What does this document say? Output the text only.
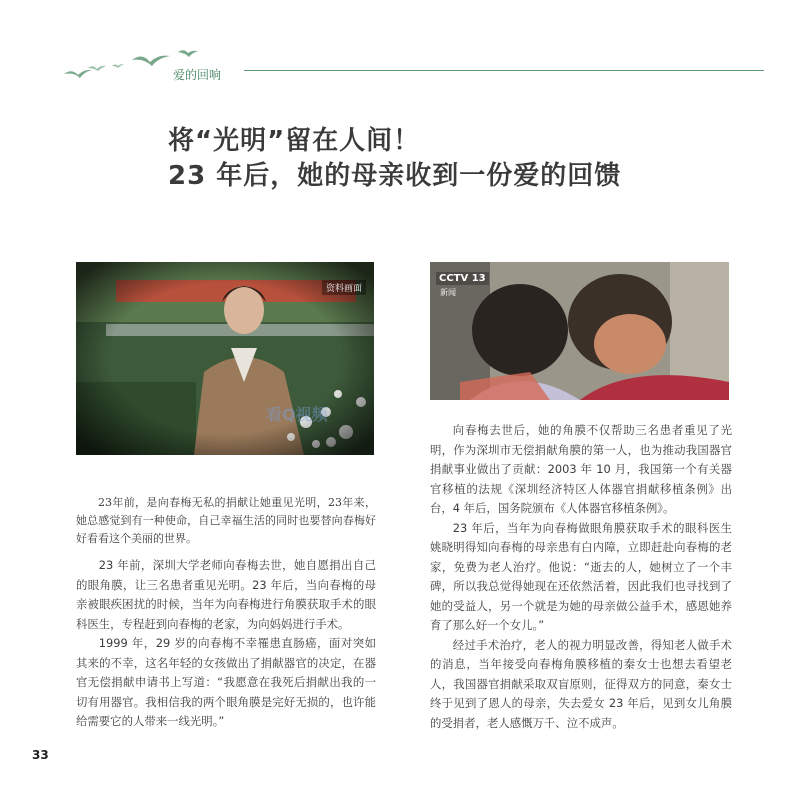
爱的回响
将“光明”留在人间！
23 年后，她的母亲收到一份爱的回馈
资料画面
看Q视频
CCTV 13
新闻

23年前，是向春梅无私的捐献让她重见光明，23年来，她总感觉到有一种使命，自己幸福生活的同时也要替向春梅好好看看这个美丽的世界。

23 年前，深圳大学老师向春梅去世，她自愿捐出自己的眼角膜，让三名患者重见光明。23 年后，当向春梅的母亲被眼疾困扰的时候，当年为向春梅进行角膜获取手术的眼科医生，专程赶到向春梅的老家，为向妈妈进行手术。

1999 年，29 岁的向春梅不幸罹患直肠癌，面对突如其来的不幸，这名年轻的女孩做出了捐献器官的决定，在器官无偿捐献申请书上写道：“我愿意在我死后捐献出我的一切有用器官。我相信我的两个眼角膜是完好无损的，也许能给需要它的人带来一线光明。”

向春梅去世后，她的角膜不仅帮助三名患者重见了光明，作为深圳市无偿捐献角膜的第一人，也为推动我国器官捐献事业做出了贡献：2003 年 10 月，我国第一个有关器官移植的法规《深圳经济特区人体器官捐献移植条例》出台，4 年后，国务院颁布《人体器官移植条例》。

23 年后，当年为向春梅做眼角膜获取手术的眼科医生姚晓明得知向春梅的母亲患有白内障，立即赶赴向春梅的老家，免费为老人治疗。他说：“逝去的人，她树立了一个丰碑，所以我总觉得她现在还依然活着，因此我们也寻找到了她的受益人，另一个就是为她的母亲做公益手术，感恩她养育了那么好一个女儿。”

经过手术治疗，老人的视力明显改善，得知老人做手术的消息，当年接受向春梅角膜移植的秦女士也想去看望老人，我国器官捐献采取双盲原则，征得双方的同意，秦女士终于见到了恩人的母亲，失去爱女 23 年后，见到女儿角膜的受捐者，老人感慨万千、泣不成声。

33
